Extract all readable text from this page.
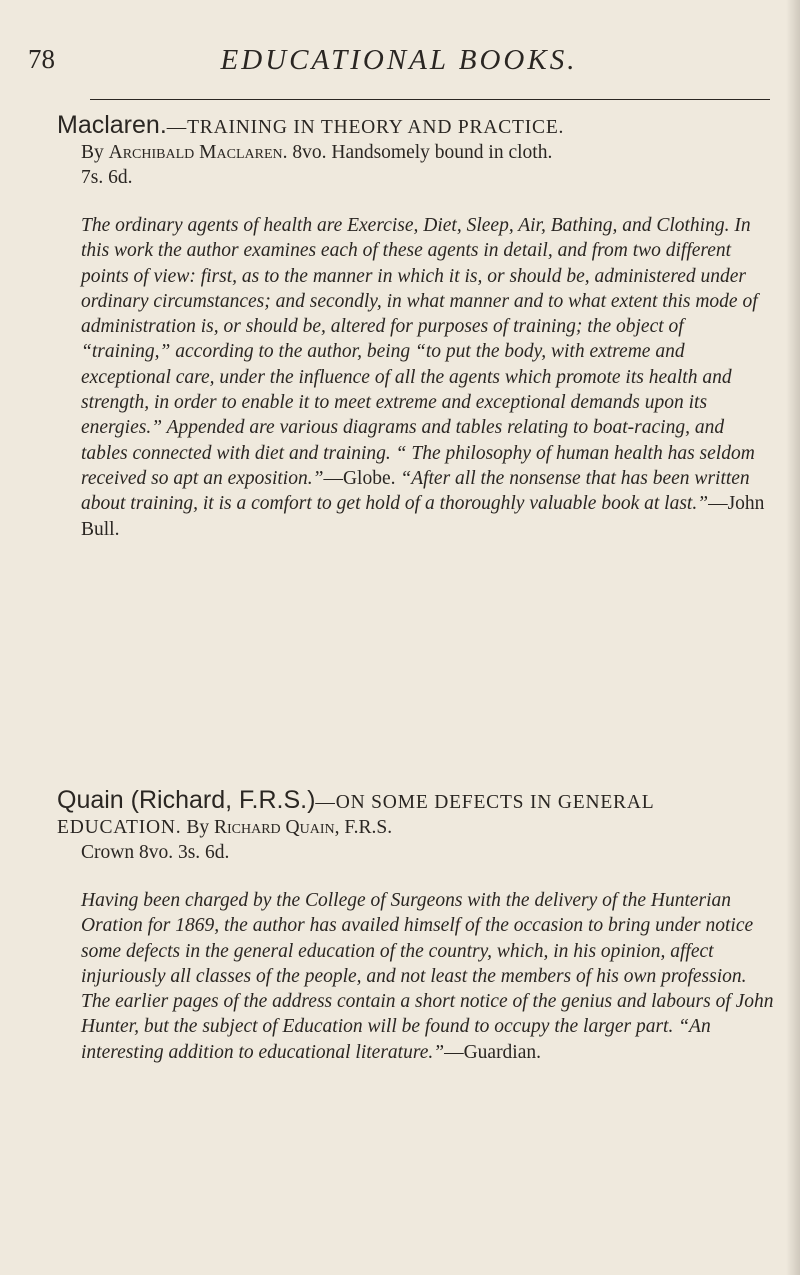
78	EDUCATIONAL BOOKS.

Maclaren.—TRAINING IN THEORY AND PRACTICE.

By Archibald Maclaren. 8vo. Handsomely bound in cloth.

7s. 6d.

The ordinary agents of health are Exercise, Diet, Sleep, Air, Bathing, and Clothing. In this work the author examines each of these agents in detail, and from two different points of view: first, as to the manner in which it is, or should be, administered under ordinary circumstances; and secondly, in what manner and to what extent this mode of administration is, or should be, altered for purposes of training; the object of “training,” according to the author, being “to put the body, with extreme and exceptional care, under the influence of all the agents which promote its health and strength, in order to enable it to meet extreme and exceptional demands upon its energies.” Appended are various diagrams and tables relating to boat-racing, and tables connected with diet and training. “ The philosophy of human health has seldom received so apt an exposition.”—Globe. “After all the nonsense that has been written about training, it is a comfort to get hold of a thoroughly valuable book at last.”—John Bull.

Quain (Richard, F.R.S.)—ON SOME DEFECTS IN GENERAL EDUCATION. By Richard Quain, F.R.S.

Crown 8vo. 3s. 6d.

Having been charged by the College of Surgeons with the delivery of the Hunterian Oration for 1869, the author has availed himself of the occasion to bring under notice some defects in the general education of the country, which, in his opinion, affect injuriously all classes of the people, and not least the members of his own profession. The earlier pages of the address contain a short notice of the genius and labours of John Hunter, but the subject of Education will be found to occupy the larger part. “An interesting addition to educational literature.”—Guardian.
